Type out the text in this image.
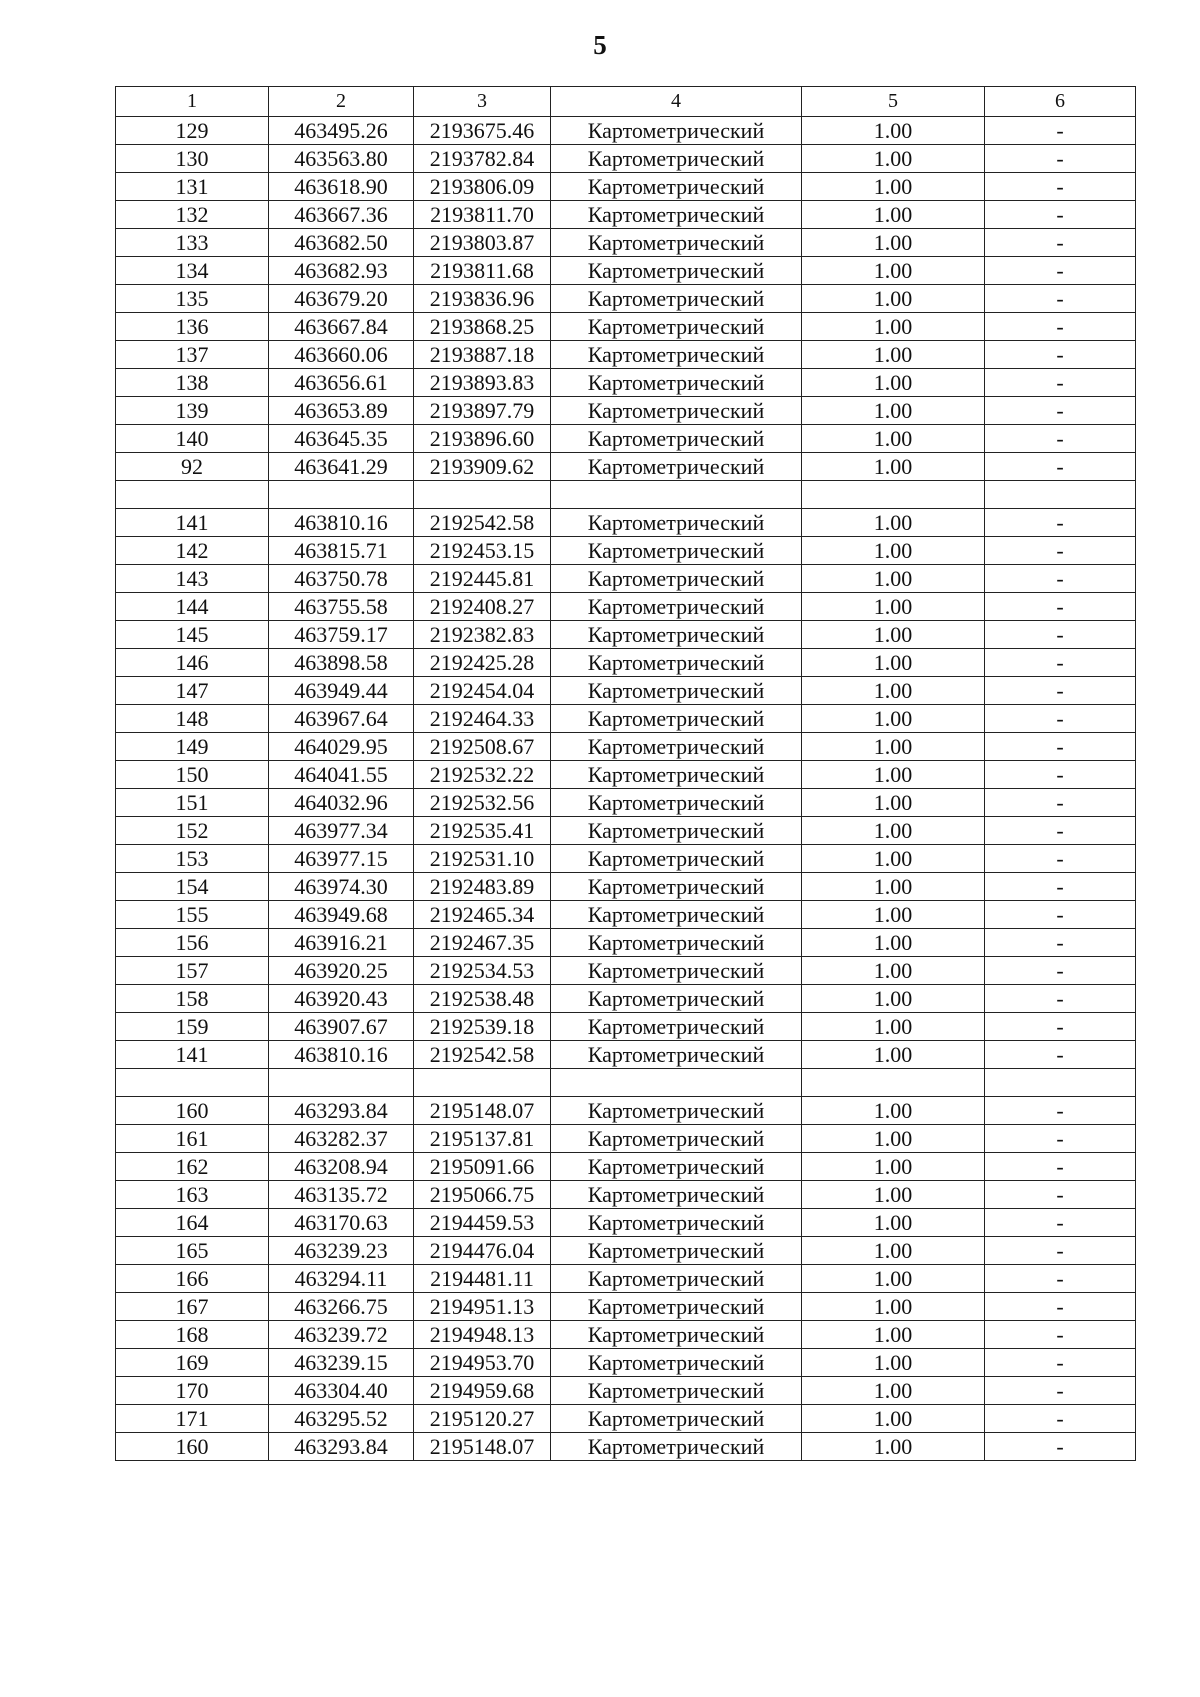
5
1	2	3	4	5	6
129	463495.26	2193675.46	Картометрический	1.00	-
130	463563.80	2193782.84	Картометрический	1.00	-
131	463618.90	2193806.09	Картометрический	1.00	-
132	463667.36	2193811.70	Картометрический	1.00	-
133	463682.50	2193803.87	Картометрический	1.00	-
134	463682.93	2193811.68	Картометрический	1.00	-
135	463679.20	2193836.96	Картометрический	1.00	-
136	463667.84	2193868.25	Картометрический	1.00	-
137	463660.06	2193887.18	Картометрический	1.00	-
138	463656.61	2193893.83	Картометрический	1.00	-
139	463653.89	2193897.79	Картометрический	1.00	-
140	463645.35	2193896.60	Картометрический	1.00	-
92	463641.29	2193909.62	Картометрический	1.00	-

141	463810.16	2192542.58	Картометрический	1.00	-
142	463815.71	2192453.15	Картометрический	1.00	-
143	463750.78	2192445.81	Картометрический	1.00	-
144	463755.58	2192408.27	Картометрический	1.00	-
145	463759.17	2192382.83	Картометрический	1.00	-
146	463898.58	2192425.28	Картометрический	1.00	-
147	463949.44	2192454.04	Картометрический	1.00	-
148	463967.64	2192464.33	Картометрический	1.00	-
149	464029.95	2192508.67	Картометрический	1.00	-
150	464041.55	2192532.22	Картометрический	1.00	-
151	464032.96	2192532.56	Картометрический	1.00	-
152	463977.34	2192535.41	Картометрический	1.00	-
153	463977.15	2192531.10	Картометрический	1.00	-
154	463974.30	2192483.89	Картометрический	1.00	-
155	463949.68	2192465.34	Картометрический	1.00	-
156	463916.21	2192467.35	Картометрический	1.00	-
157	463920.25	2192534.53	Картометрический	1.00	-
158	463920.43	2192538.48	Картометрический	1.00	-
159	463907.67	2192539.18	Картометрический	1.00	-
141	463810.16	2192542.58	Картометрический	1.00	-

160	463293.84	2195148.07	Картометрический	1.00	-
161	463282.37	2195137.81	Картометрический	1.00	-
162	463208.94	2195091.66	Картометрический	1.00	-
163	463135.72	2195066.75	Картометрический	1.00	-
164	463170.63	2194459.53	Картометрический	1.00	-
165	463239.23	2194476.04	Картометрический	1.00	-
166	463294.11	2194481.11	Картометрический	1.00	-
167	463266.75	2194951.13	Картометрический	1.00	-
168	463239.72	2194948.13	Картометрический	1.00	-
169	463239.15	2194953.70	Картометрический	1.00	-
170	463304.40	2194959.68	Картометрический	1.00	-
171	463295.52	2195120.27	Картометрический	1.00	-
160	463293.84	2195148.07	Картометрический	1.00	-
